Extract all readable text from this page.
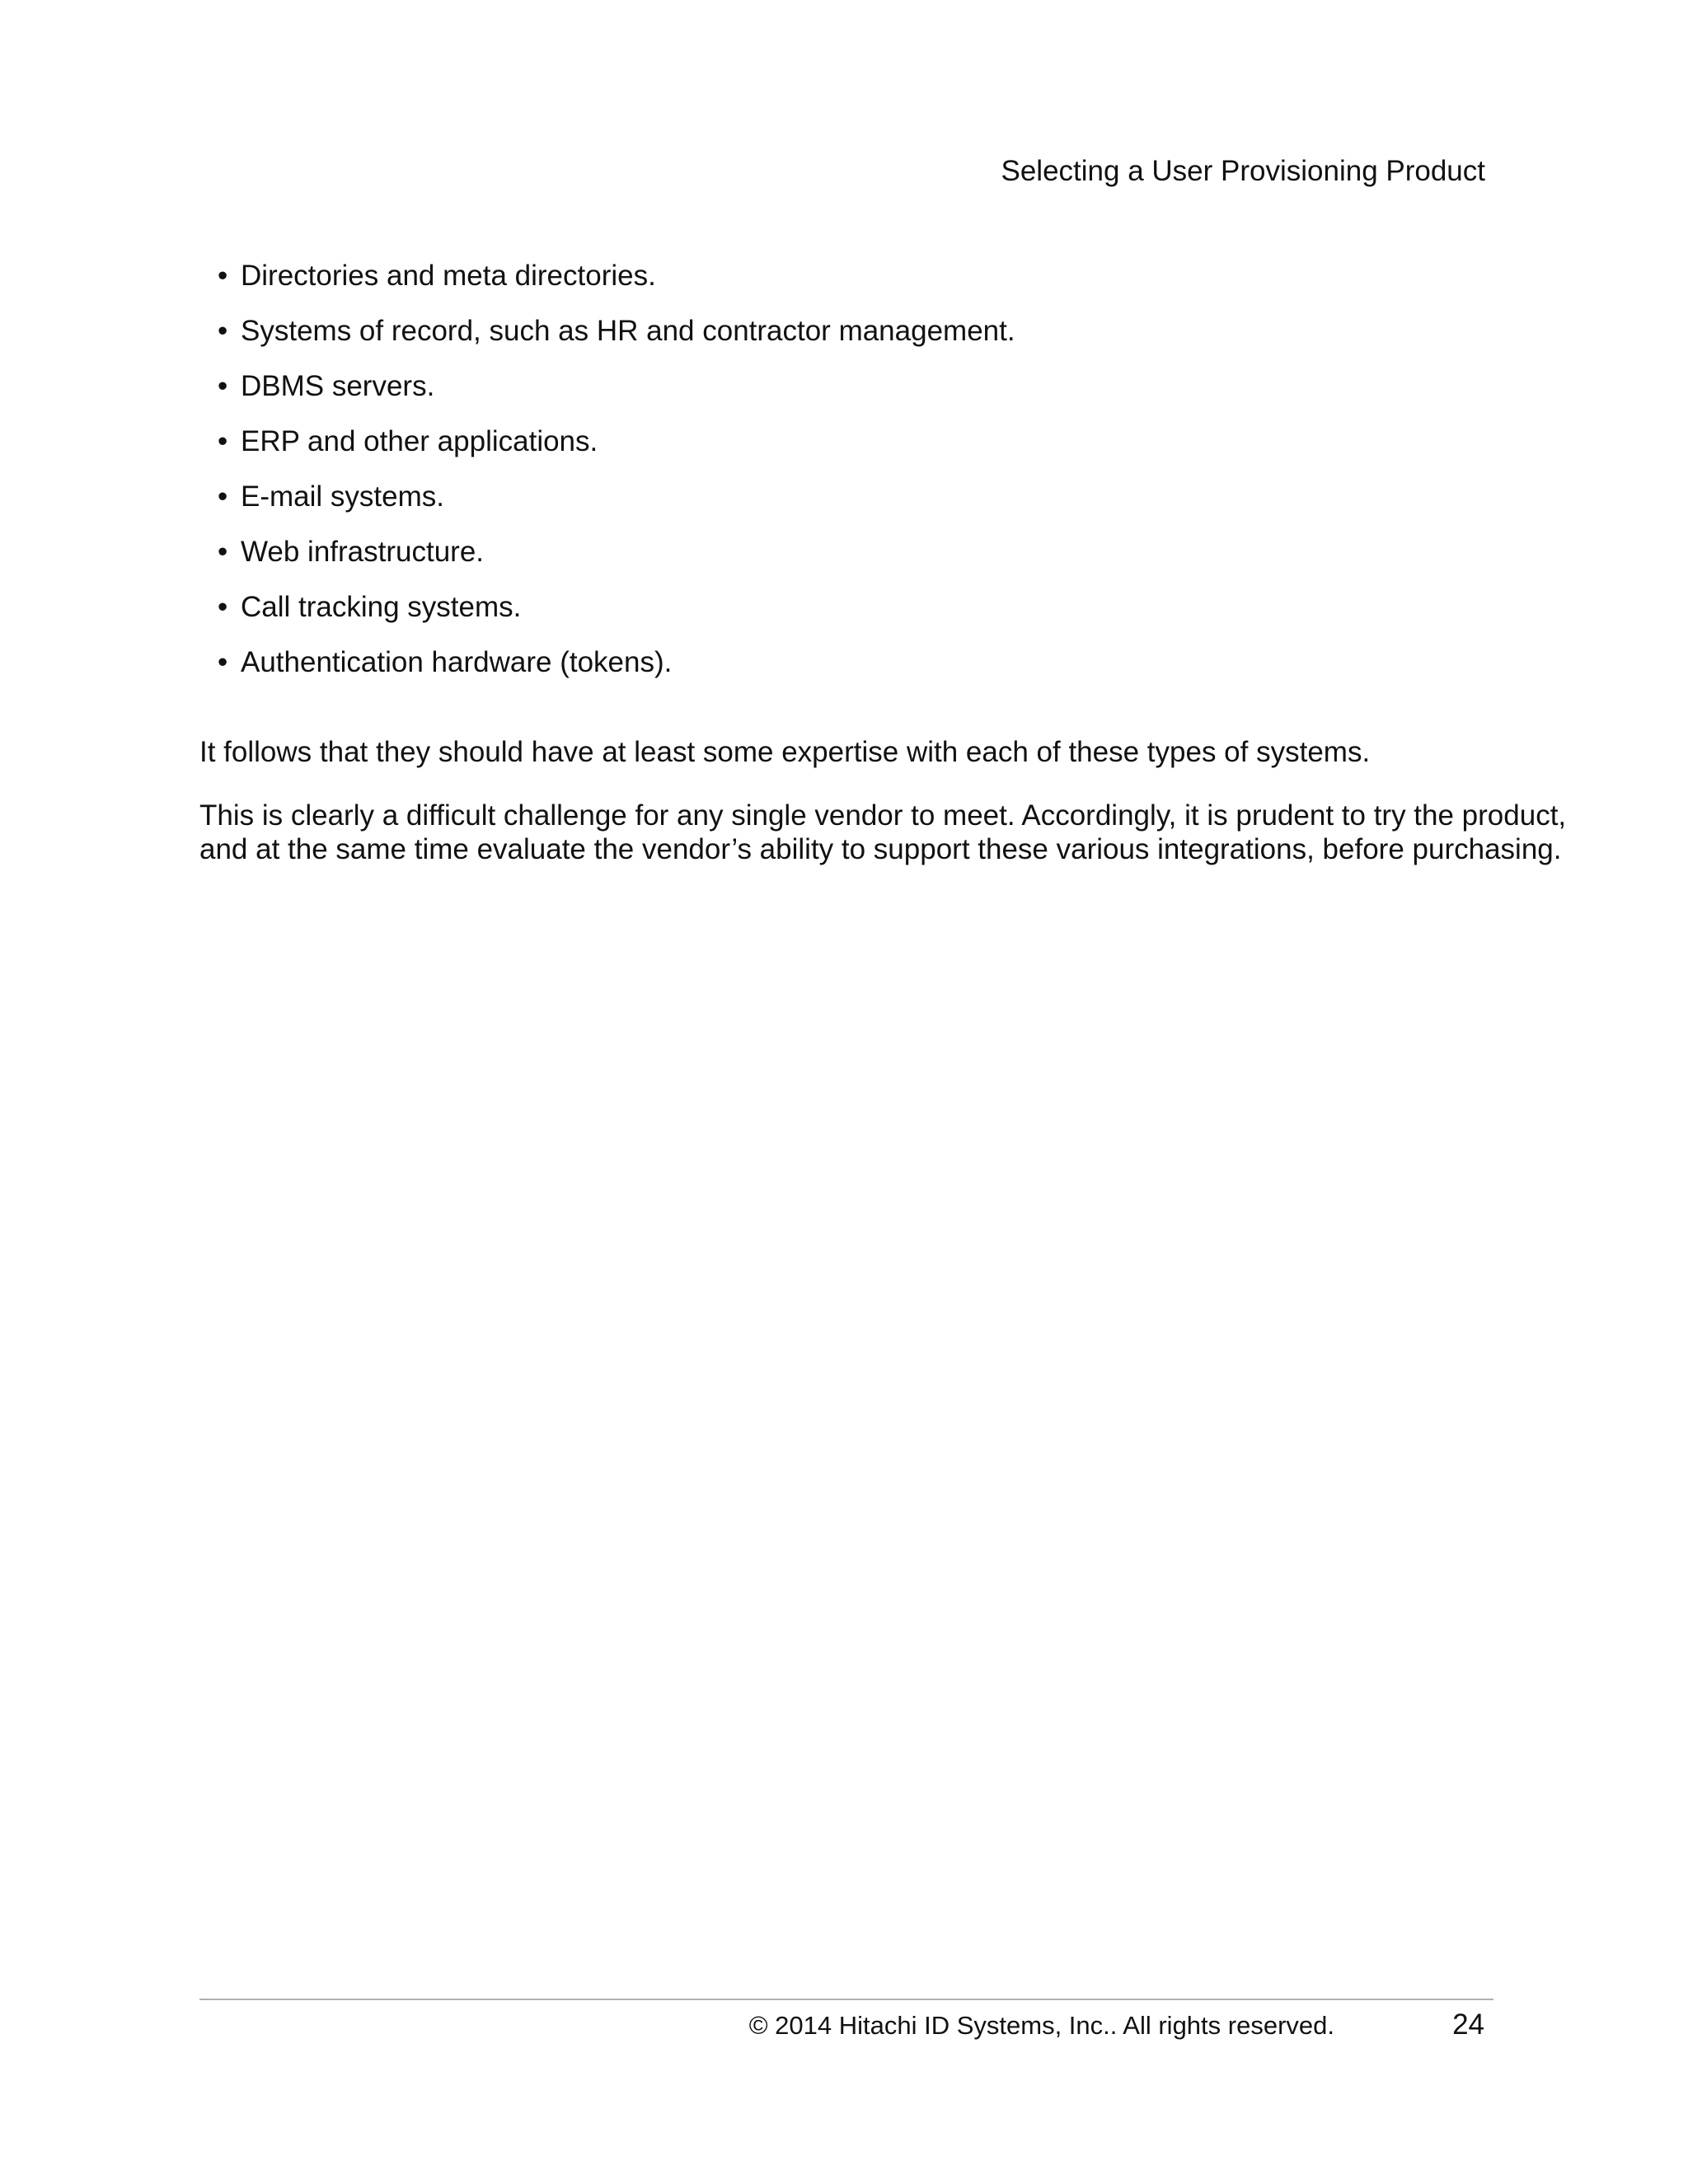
Selecting a User Provisioning Product
• Directories and meta directories.
• Systems of record, such as HR and contractor management.
• DBMS servers.
• ERP and other applications.
• E-mail systems.
• Web infrastructure.
• Call tracking systems.
• Authentication hardware (tokens).

It follows that they should have at least some expertise with each of these types of systems.

This is clearly a difficult challenge for any single vendor to meet. Accordingly, it is prudent to try the product,
and at the same time evaluate the vendor’s ability to support these various integrations, before purchasing.

© 2014 Hitachi ID Systems, Inc.. All rights reserved.	24
